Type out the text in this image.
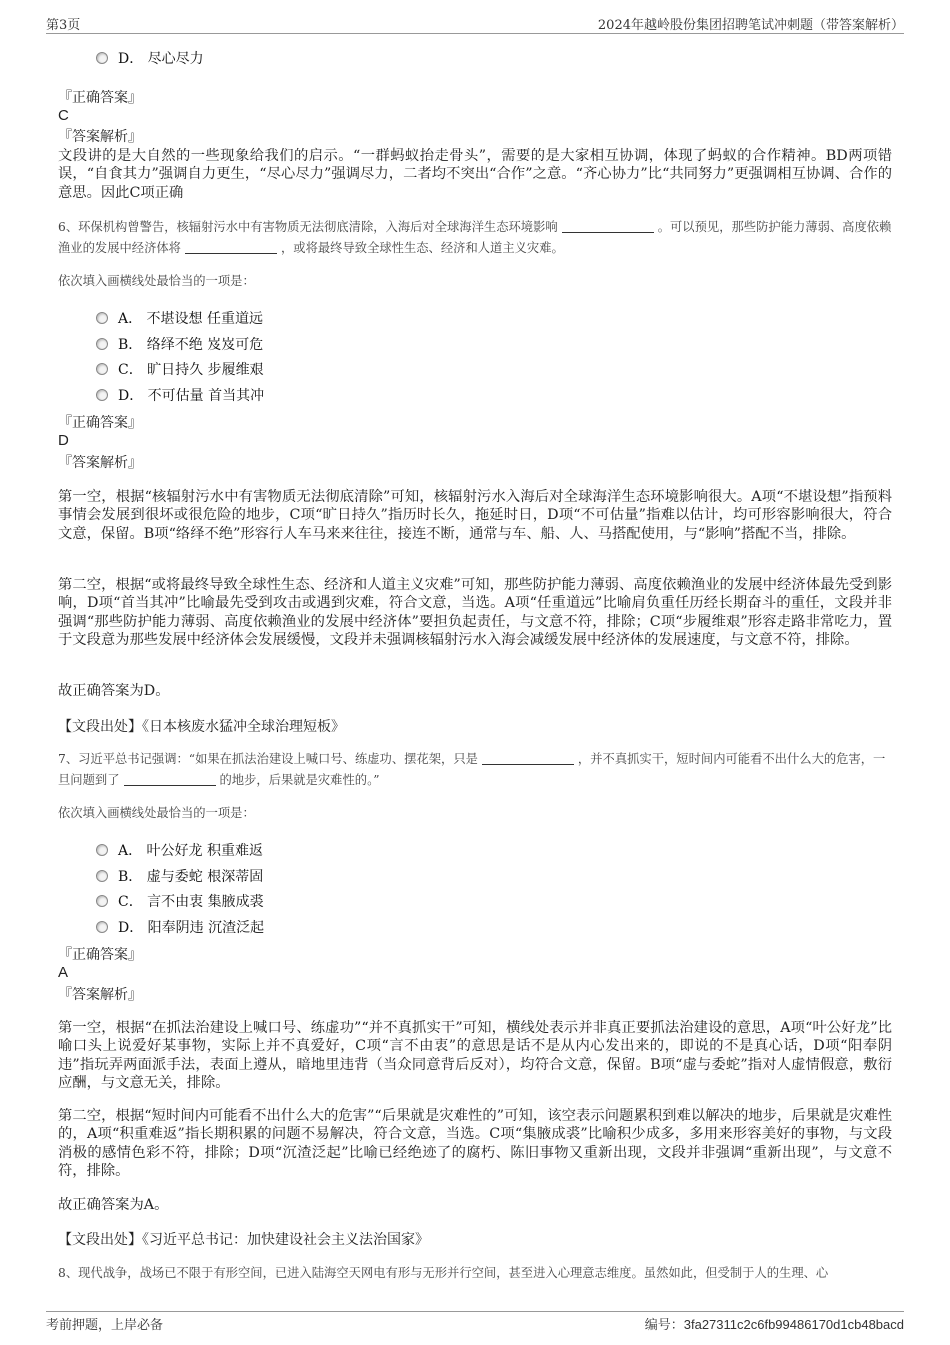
第3页	2024年越岭股份集团招聘笔试冲刺题（带答案解析）
D． 尽心尽力
『正确答案』
C
『答案解析』
文段讲的是大自然的一些现象给我们的启示。“一群蚂蚁抬走骨头”，需要的是大家相互协调，体现了蚂蚁的合作精神。BD两项错误，“自食其力”强调自力更生，“尽心尽力”强调尽力，二者均不突出“合作”之意。“齐心协力”比“共同努力”更强调相互协调、合作的意思。因此C项正确
6、环保机构曾警告，核辐射污水中有害物质无法彻底清除，入海后对全球海洋生态环境影响	。可以预见，那些防护能力薄弱、高度依赖渔业的发展中经济体将	，或将最终导致全球性生态、经济和人道主义灾难。
依次填入画横线处最恰当的一项是：
A． 不堪设想 任重道远
B． 络绎不绝 岌岌可危
C． 旷日持久 步履维艰
D． 不可估量 首当其冲
『正确答案』
D
『答案解析』
第一空，根据“核辐射污水中有害物质无法彻底清除”可知，核辐射污水入海后对全球海洋生态环境影响很大。A项“不堪设想”指预料事情会发展到很坏或很危险的地步，C项“旷日持久”指历时长久，拖延时日，D项“不可估量”指难以估计，均可形容影响很大，符合文意，保留。B项“络绎不绝”形容行人车马来来往往，接连不断，通常与车、船、人、马搭配使用，与“影响”搭配不当，排除。
第二空，根据“或将最终导致全球性生态、经济和人道主义灾难”可知，那些防护能力薄弱、高度依赖渔业的发展中经济体最先受到影响，D项“首当其冲”比喻最先受到攻击或遇到灾难，符合文意，当选。A项“任重道远”比喻肩负重任历经长期奋斗的重任，文段并非强调“那些防护能力薄弱、高度依赖渔业的发展中经济体”要担负起责任，与文意不符，排除；C项“步履维艰”形容走路非常吃力，置于文段意为那些发展中经济体会发展缓慢，文段并未强调核辐射污水入海会减缓发展中经济体的发展速度，与文意不符，排除。
故正确答案为D。
【文段出处】《日本核废水猛冲全球治理短板》
7、习近平总书记强调：“如果在抓法治建设上喊口号、练虚功、摆花架，只是	，并不真抓实干，短时间内可能看不出什么大的危害，一旦问题到了	的地步，后果就是灾难性的。”
依次填入画横线处最恰当的一项是：
A． 叶公好龙 积重难返
B． 虚与委蛇 根深蒂固
C． 言不由衷 集腋成裘
D． 阳奉阴违 沉渣泛起
『正确答案』
A
『答案解析』
第一空，根据“在抓法治建设上喊口号、练虚功”“并不真抓实干”可知，横线处表示并非真正要抓法治建设的意思，A项“叶公好龙”比喻口头上说爱好某事物，实际上并不真爱好，C项“言不由衷”的意思是话不是从内心发出来的，即说的不是真心话，D项“阳奉阴违”指玩弄两面派手法，表面上遵从，暗地里违背（当众同意背后反对），均符合文意，保留。B项“虚与委蛇”指对人虚情假意，敷衍应酬，与文意无关，排除。
第二空，根据“短时间内可能看不出什么大的危害”“后果就是灾难性的”可知，该空表示问题累积到难以解决的地步，后果就是灾难性的，A项“积重难返”指长期积累的问题不易解决，符合文意，当选。C项“集腋成裘”比喻积少成多，多用来形容美好的事物，与文段消极的感情色彩不符，排除；D项“沉渣泛起”比喻已经绝迹了的腐朽、陈旧事物又重新出现，文段并非强调“重新出现”，与文意不符，排除。
故正确答案为A。
【文段出处】《习近平总书记：加快建设社会主义法治国家》
8、现代战争，战场已不限于有形空间，已进入陆海空天网电有形与无形并行空间，甚至进入心理意志维度。虽然如此，但受制于人的生理、心
考前押题，上岸必备	编号：3fa27311c2c6fb99486170d1cb48bacd
